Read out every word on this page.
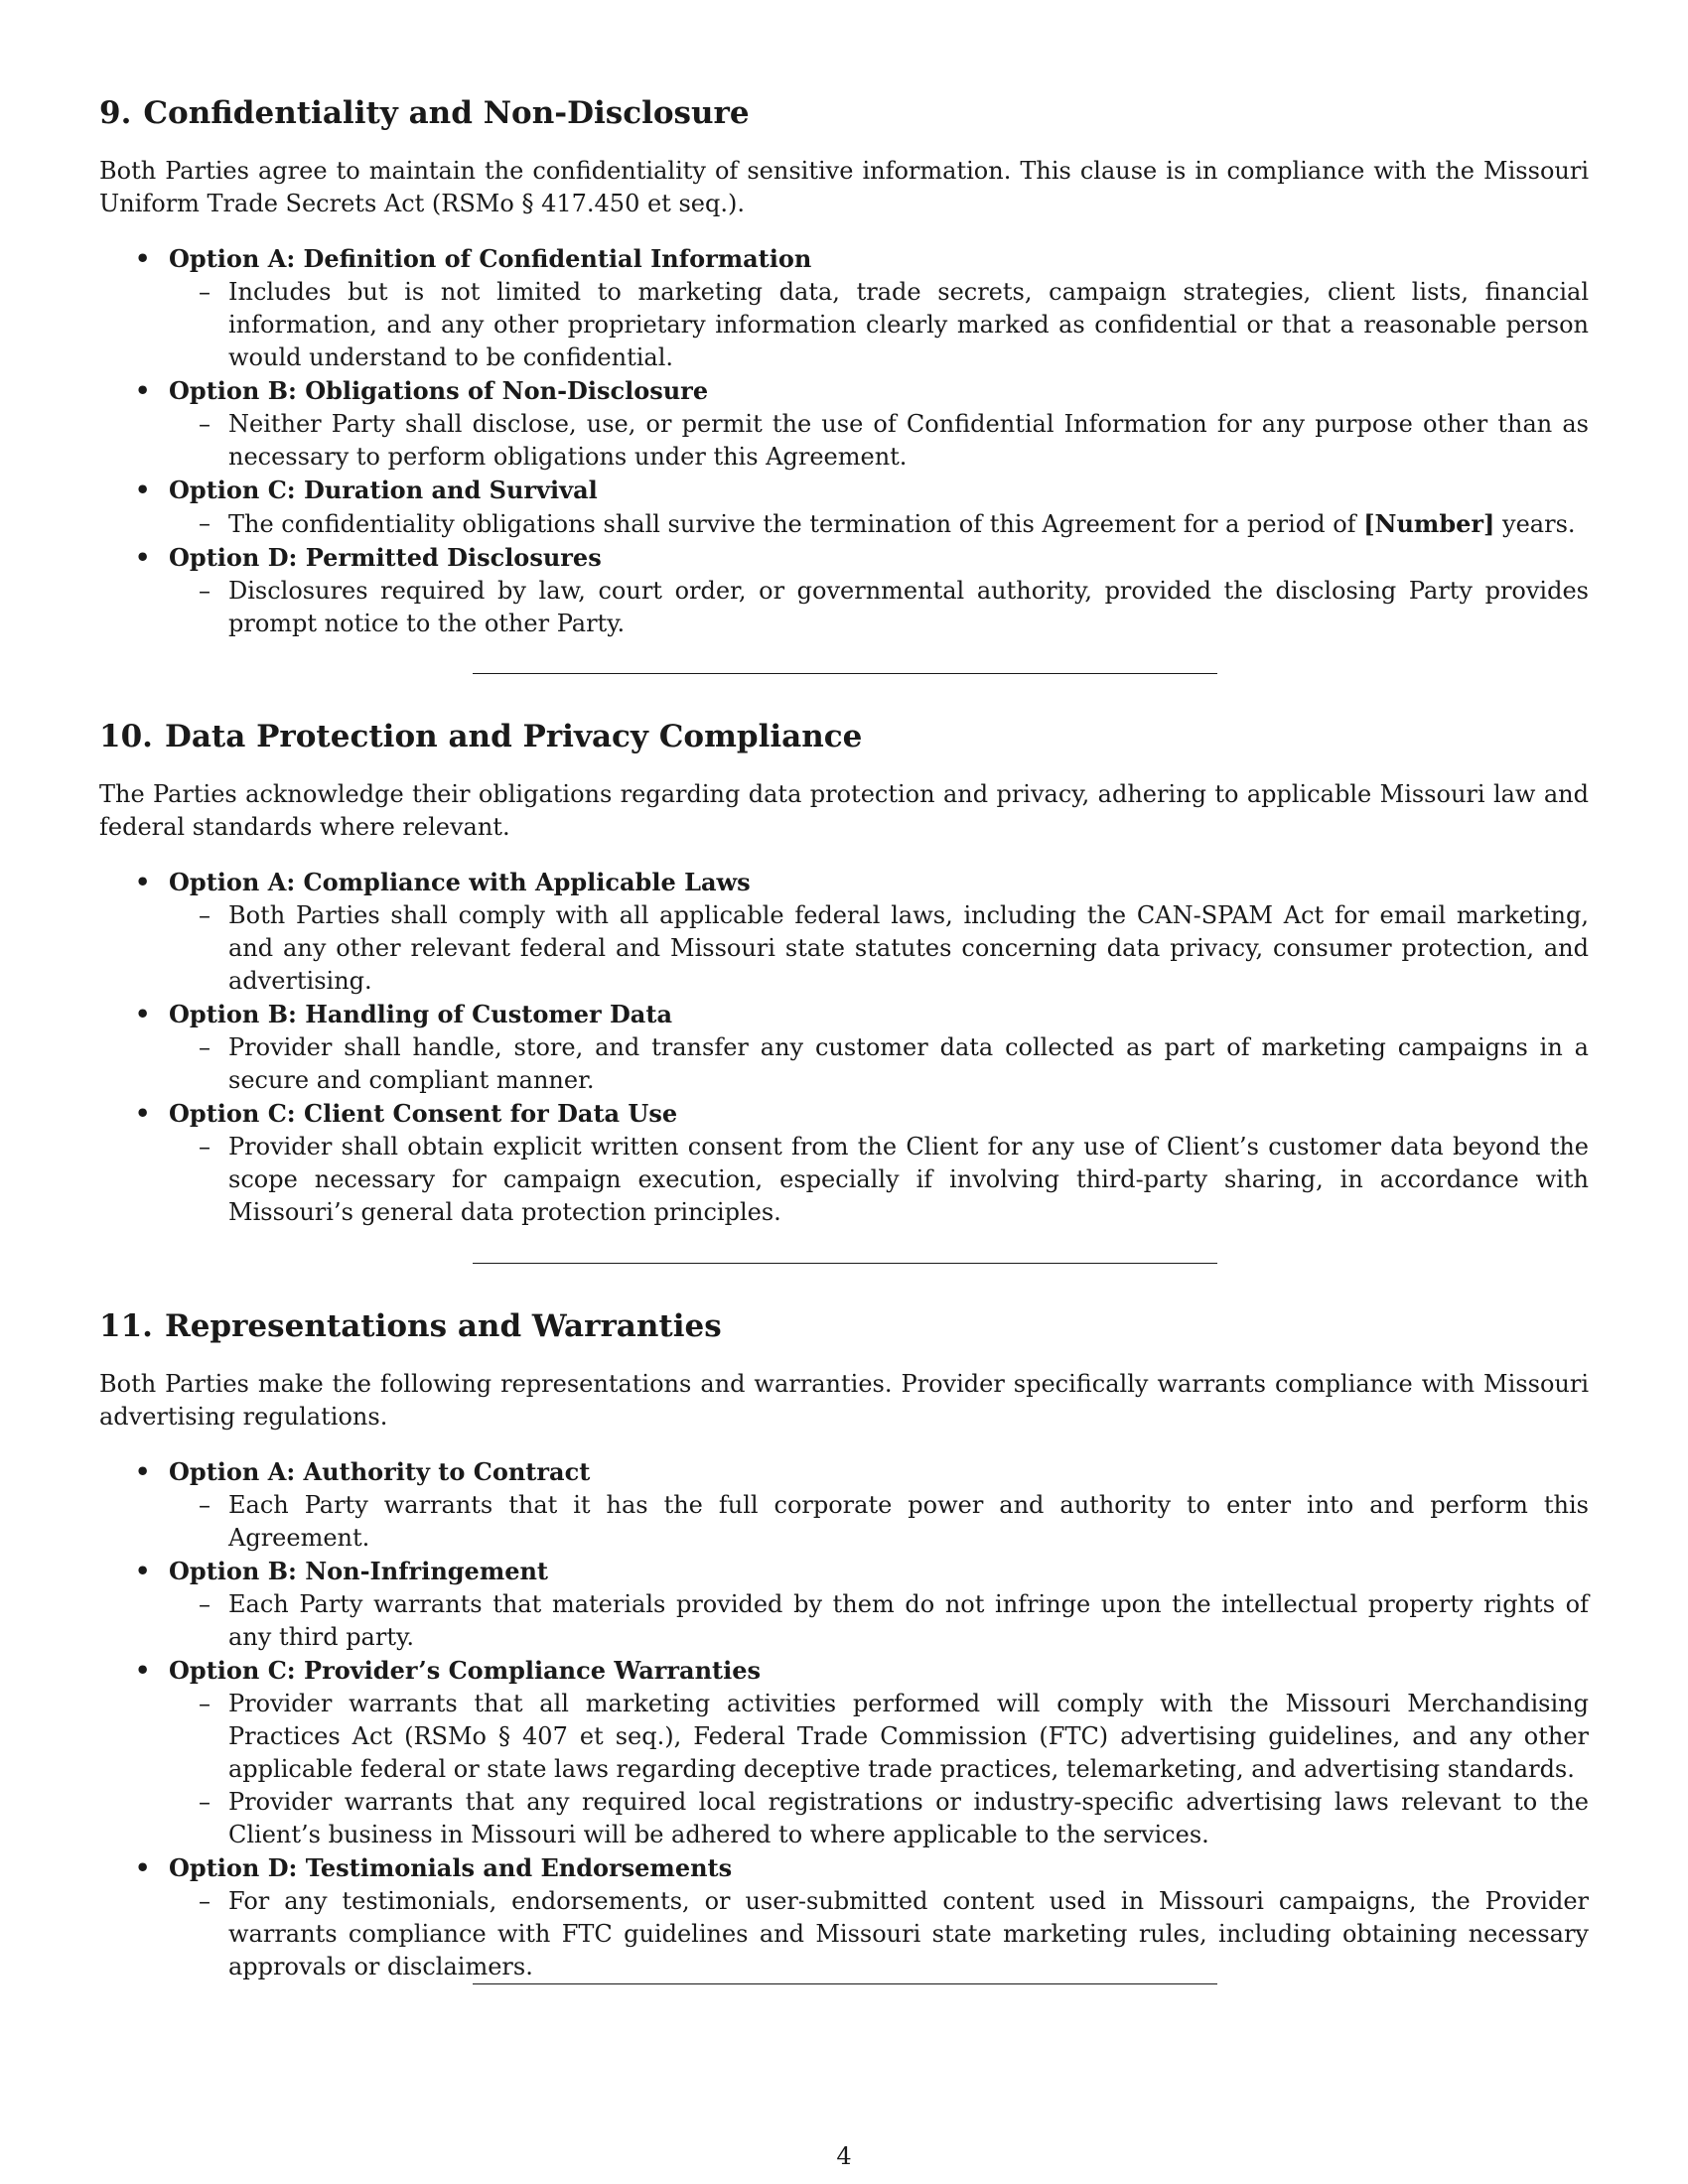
9. Confidentiality and Non-Disclosure

Both Parties agree to maintain the confidentiality of sensitive information. This clause is in compliance with the Missouri Uniform Trade Secrets Act (RSMo § 417.450 et seq.).

• Option A: Definition of Confidential Information
– Includes but is not limited to marketing data, trade secrets, campaign strategies, client lists, financial information, and any other proprietary information clearly marked as confidential or that a reasonable person would understand to be confidential.
• Option B: Obligations of Non-Disclosure
– Neither Party shall disclose, use, or permit the use of Confidential Information for any purpose other than as necessary to perform obligations under this Agreement.
• Option C: Duration and Survival
– The confidentiality obligations shall survive the termination of this Agreement for a period of [Number] years.
• Option D: Permitted Disclosures
– Disclosures required by law, court order, or governmental authority, provided the disclosing Party provides prompt notice to the other Party.
10. Data Protection and Privacy Compliance

The Parties acknowledge their obligations regarding data protection and privacy, adhering to applicable Missouri law and federal standards where relevant.

• Option A: Compliance with Applicable Laws
– Both Parties shall comply with all applicable federal laws, including the CAN-SPAM Act for email marketing, and any other relevant federal and Missouri state statutes concerning data privacy, consumer protection, and advertising.
• Option B: Handling of Customer Data
– Provider shall handle, store, and transfer any customer data collected as part of marketing campaigns in a secure and compliant manner.
• Option C: Client Consent for Data Use
– Provider shall obtain explicit written consent from the Client for any use of Client’s customer data beyond the scope necessary for campaign execution, especially if involving third-party sharing, in accordance with Missouri’s general data protection principles.
11. Representations and Warranties

Both Parties make the following representations and warranties. Provider specifically warrants compliance with Missouri advertising regulations.

• Option A: Authority to Contract
– Each Party warrants that it has the full corporate power and authority to enter into and perform this Agreement.
• Option B: Non-Infringement
– Each Party warrants that materials provided by them do not infringe upon the intellectual property rights of any third party.
• Option C: Provider’s Compliance Warranties
– Provider warrants that all marketing activities performed will comply with the Missouri Merchandising Practices Act (RSMo § 407 et seq.), Federal Trade Commission (FTC) advertising guidelines, and any other applicable federal or state laws regarding deceptive trade practices, telemarketing, and advertising standards.
– Provider warrants that any required local registrations or industry-specific advertising laws relevant to the Client’s business in Missouri will be adhered to where applicable to the services.
• Option D: Testimonials and Endorsements
– For any testimonials, endorsements, or user-submitted content used in Missouri campaigns, the Provider warrants compliance with FTC guidelines and Missouri state marketing rules, including obtaining necessary approvals or disclaimers.
4
